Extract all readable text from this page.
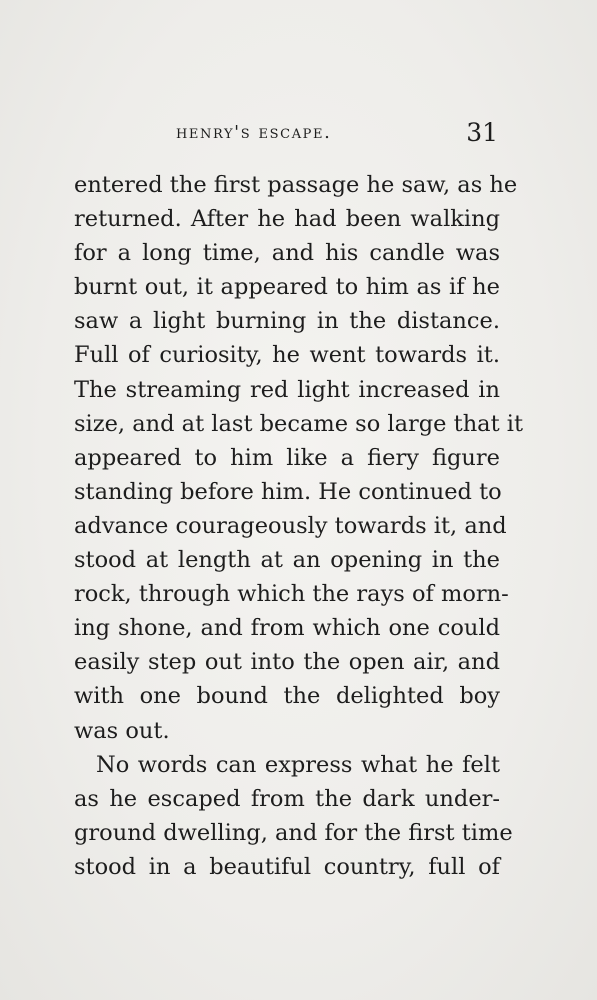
henry's escape.	31
entered the first passage he saw, as he
returned. After he had been walking
for a long time, and his candle was
burnt out, it appeared to him as if he
saw a light burning in the distance.
Full of curiosity, he went towards it.
The streaming red light increased in
size, and at last became so large that it
appeared to him like a fiery figure
standing before him. He continued to
advance courageously towards it, and
stood at length at an opening in the
rock, through which the rays of morn-
ing shone, and from which one could
easily step out into the open air, and
with one bound the delighted boy
was out.
No words can express what he felt
as he escaped from the dark under-
ground dwelling, and for the first time
stood in a beautiful country, full of
